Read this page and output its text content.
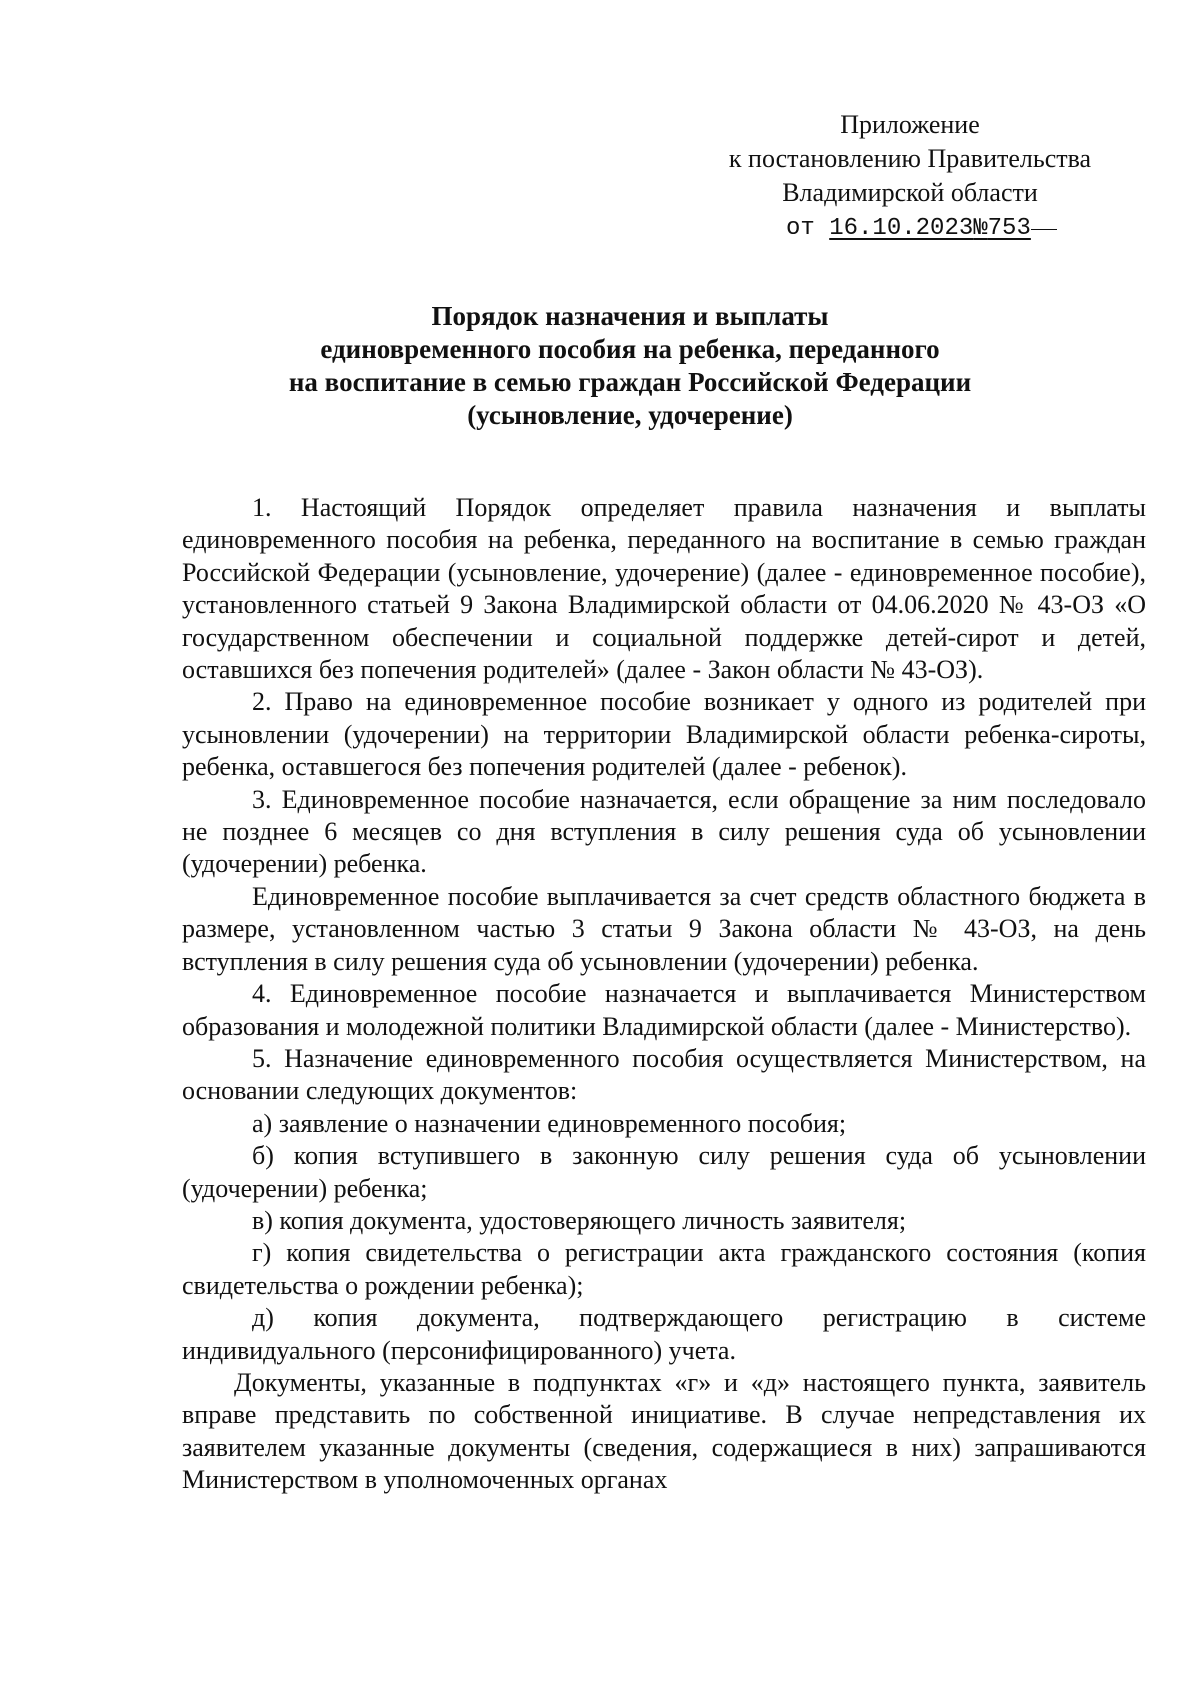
Приложение
к постановлению Правительства
Владимирской области
от 16.10.2023№753
Порядок назначения и выплаты
единовременного пособия на ребенка, переданного
на воспитание в семью граждан Российской Федерации
(усыновление, удочерение)

1. Настоящий Порядок определяет правила назначения и выплаты единовременного пособия на ребенка, переданного на воспитание в семью граждан Российской Федерации (усыновление, удочерение) (далее - единовременное пособие), установленного статьей 9 Закона Владимирской области от 04.06.2020 № 43-ОЗ «О государственном обеспечении и социальной поддержке детей-сирот и детей, оставшихся без попечения родителей» (далее - Закон области № 43-ОЗ).

2. Право на единовременное пособие возникает у одного из родителей при усыновлении (удочерении) на территории Владимирской области ребенка-сироты, ребенка, оставшегося без попечения родителей (далее - ребенок).

3. Единовременное пособие назначается, если обращение за ним последовало не позднее 6 месяцев со дня вступления в силу решения суда об усыновлении (удочерении) ребенка.

Единовременное пособие выплачивается за счет средств областного бюджета в размере, установленном частью 3 статьи 9 Закона области № 43-ОЗ, на день вступления в силу решения суда об усыновлении (удочерении) ребенка.

4. Единовременное пособие назначается и выплачивается Министерством образования и молодежной политики Владимирской области (далее - Министерство).

5. Назначение единовременного пособия осуществляется Министерством, на основании следующих документов:

а) заявление о назначении единовременного пособия;

б) копия вступившего в законную силу решения суда об усыновлении (удочерении) ребенка;

в) копия документа, удостоверяющего личность заявителя;

г) копия свидетельства о регистрации акта гражданского состояния (копия свидетельства о рождении ребенка);

д) копия документа, подтверждающего регистрацию в системе индивидуального (персонифицированного) учета.

Документы, указанные в подпунктах «г» и «д» настоящего пункта, заявитель вправе представить по собственной инициативе. В случае непредставления их заявителем указанные документы (сведения, содержащиеся в них) запрашиваются Министерством в уполномоченных органах
